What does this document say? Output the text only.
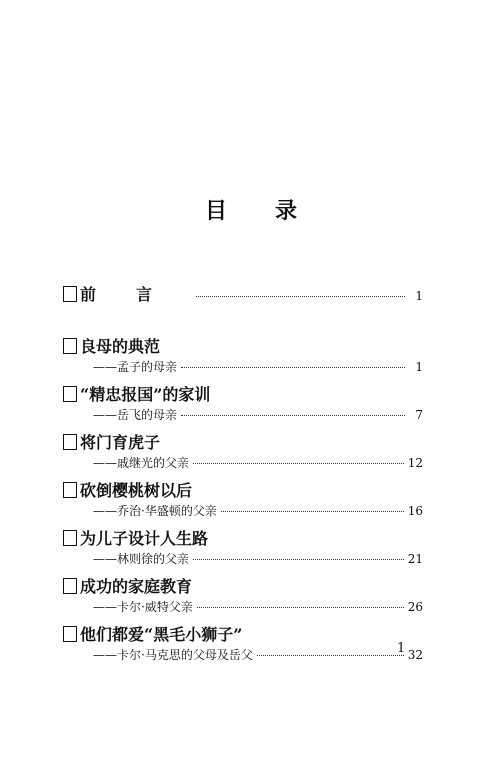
目 录
前言	1
良母的典范
——孟子的母亲	1
“精忠报国”的家训
——岳飞的母亲	7
将门育虎子
——戚继光的父亲	12
砍倒樱桃树以后
——乔治·华盛顿的父亲	16
为儿子设计人生路
——林则徐的父亲	21
成功的家庭教育
——卡尔·威特父亲	26
他们都爱“黑毛小狮子”
——卡尔·马克思的父母及岳父	32
1
